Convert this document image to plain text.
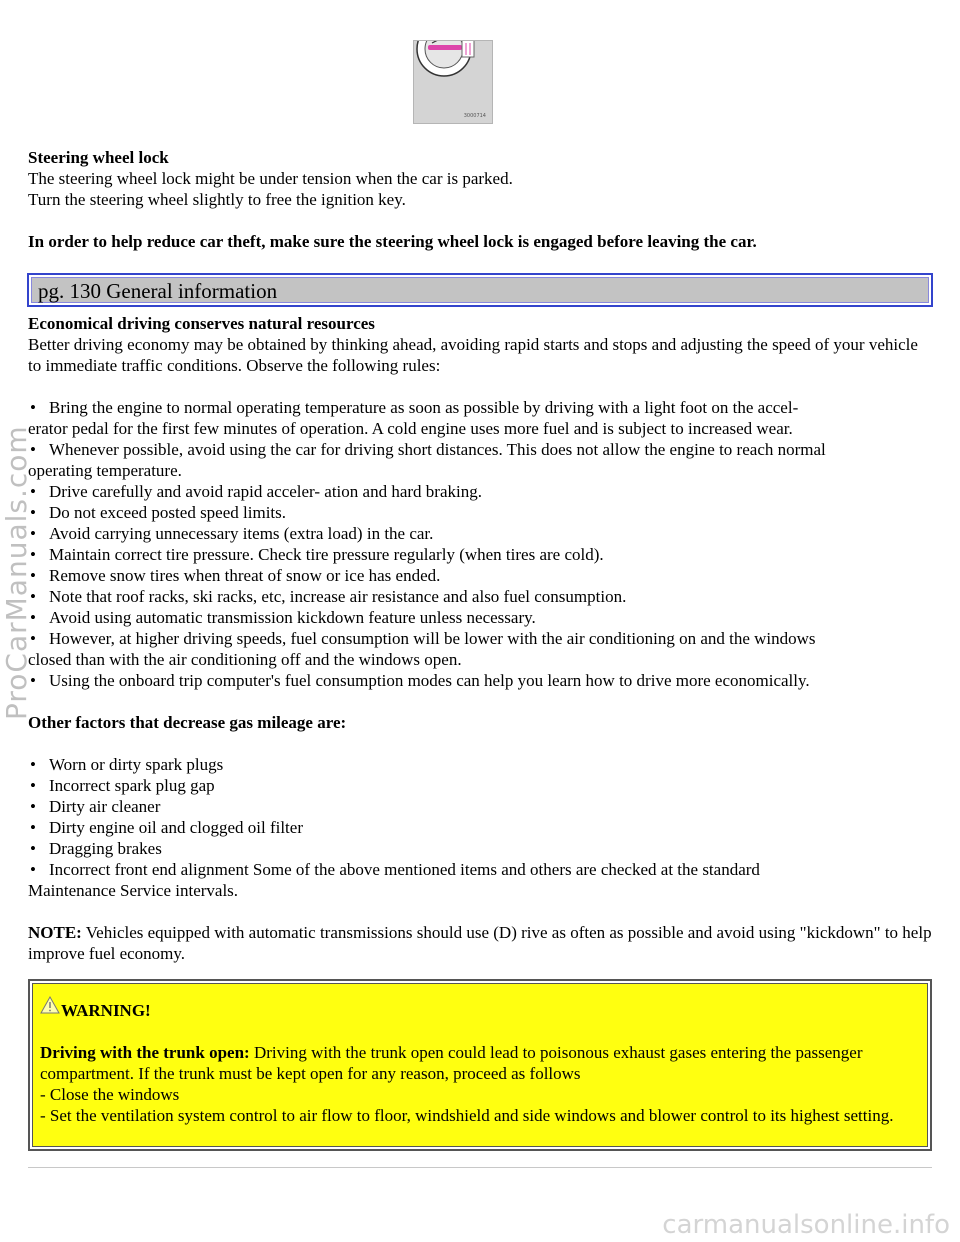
3000714

Steering wheel lock

The steering wheel lock might be under tension when the car is parked.

Turn the steering wheel slightly to free the ignition key.

In order to help reduce car theft, make sure the steering wheel lock is engaged before leaving the car.

pg. 130 General information

Economical driving conserves natural resources

Better driving economy may be obtained by thinking ahead, avoiding rapid starts and stops and adjusting the speed of your vehicle to immediate traffic conditions. Observe the following rules:

• Bring the engine to normal operating temperature as soon as possible by driving with a light foot on the accel-
erator pedal for the first few minutes of operation. A cold engine uses more fuel and is subject to increased wear.
• Whenever possible, avoid using the car for driving short distances. This does not allow the engine to reach normal
operating temperature.
• Drive carefully and avoid rapid acceler- ation and hard braking.
• Do not exceed posted speed limits.
• Avoid carrying unnecessary items (extra load) in the car.
• Maintain correct tire pressure. Check tire pressure regularly (when tires are cold).
• Remove snow tires when threat of snow or ice has ended.
• Note that roof racks, ski racks, etc, increase air resistance and also fuel consumption.
• Avoid using automatic transmission kickdown feature unless necessary.
• However, at higher driving speeds, fuel consumption will be lower with the air conditioning on and the windows
closed than with the air conditioning off and the windows open.
• Using the onboard trip computer's fuel consumption modes can help you learn how to drive more economically.

Other factors that decrease gas mileage are:

• Worn or dirty spark plugs
• Incorrect spark plug gap
• Dirty air cleaner
• Dirty engine oil and clogged oil filter
• Dragging brakes
• Incorrect front end alignment Some of the above mentioned items and others are checked at the standard
Maintenance Service intervals.

NOTE: Vehicles equipped with automatic transmissions should use (D) rive as often as possible and avoid using "kickdown" to help improve fuel economy.

WARNING!

Driving with the trunk open: Driving with the trunk open could lead to poisonous exhaust gases entering the passenger compartment. If the trunk must be kept open for any reason, proceed as follows

- Close the windows

- Set the ventilation system control to air flow to floor, windshield and side windows and blower control to its highest setting.

ProCarManuals.com
carmanualsonline.info
